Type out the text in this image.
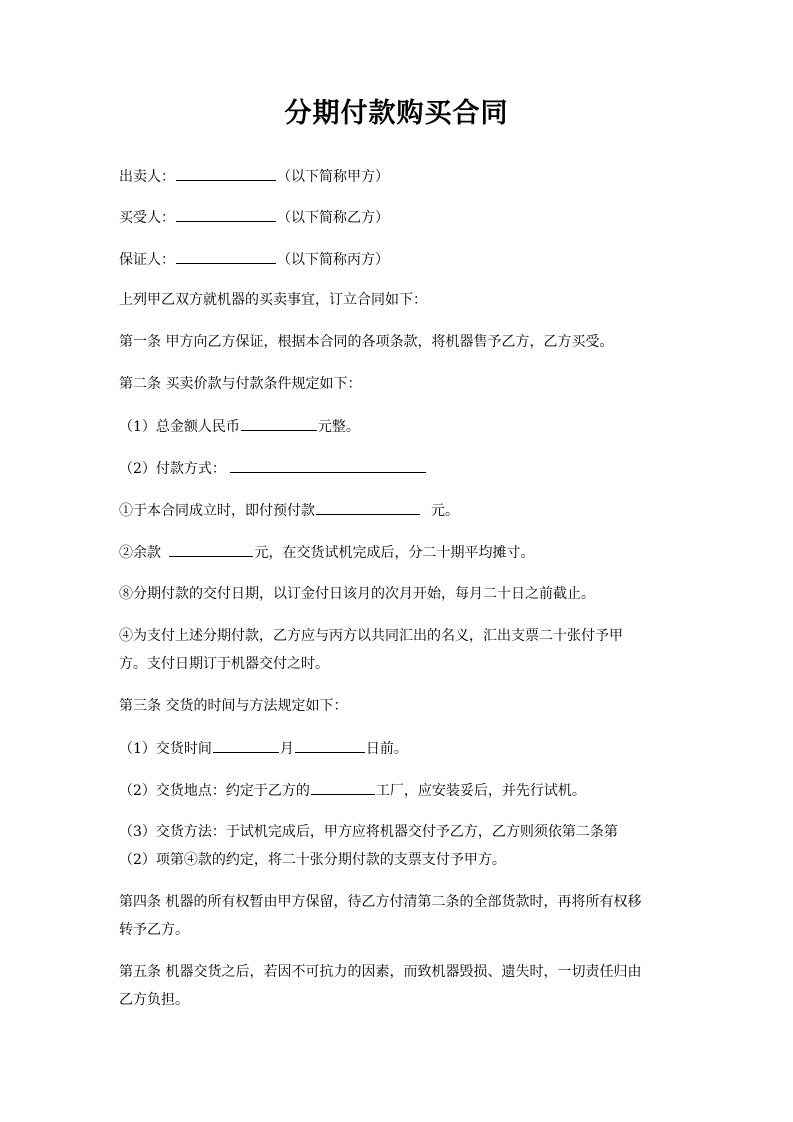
分期付款购买合同
出卖人：	（以下简称甲方）
买受人：	（以下简称乙方）
保证人：	（以下简称丙方）
上列甲乙双方就机器的买卖事宜，订立合同如下：
第一条 甲方向乙方保证，根据本合同的各项条款，将机器售予乙方，乙方买受。
第二条 买卖价款与付款条件规定如下：
（1）总金额人民币	元整。
（2）付款方式：
①于本合同成立时，即付预付款	元。
②余款	元，在交货试机完成后，分二十期平均摊寸。
⑧分期付款的交付日期，以订金付日该月的次月开始，每月二十日之前截止。
④为支付上述分期付款，乙方应与丙方以共同汇出的名义，汇出支票二十张付予甲
方。支付日期订于机器交付之时。
第三条 交货的时间与方法规定如下：
（1）交货时间	月	日前。
（2）交货地点：约定于乙方的	工厂，应安装妥后，并先行试机。
（3）交货方法：于试机完成后，甲方应将机器交付予乙方，乙方则须依第二条第
（2）项第④款的约定，将二十张分期付款的支票支付予甲方。
第四条 机器的所有权暂由甲方保留，待乙方付清第二条的全部货款时，再将所有权移
转予乙方。
第五条 机器交货之后，若因不可抗力的因素，而致机器毁损、遗失时，一切责任归由
乙方负担。
